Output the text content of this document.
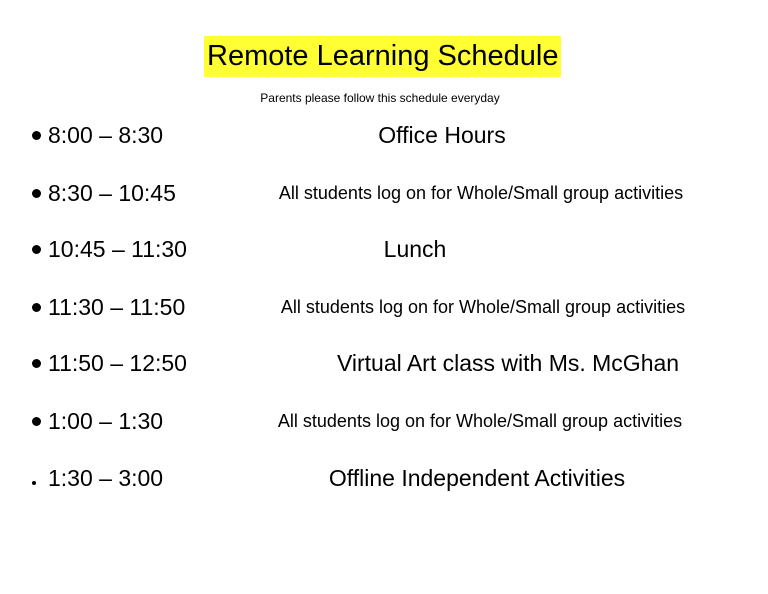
Remote Learning Schedule
Parents please follow this schedule everyday
8:00 – 8:30	Office Hours
8:30 – 10:45	All students log on for Whole/Small group activities
10:45 – 11:30	Lunch
11:30 – 11:50	All students log on for Whole/Small group activities
11:50 – 12:50	Virtual Art class with Ms. McGhan
1:00 – 1:30	All students log on for Whole/Small group activities
1:30 – 3:00	Offline Independent Activities
